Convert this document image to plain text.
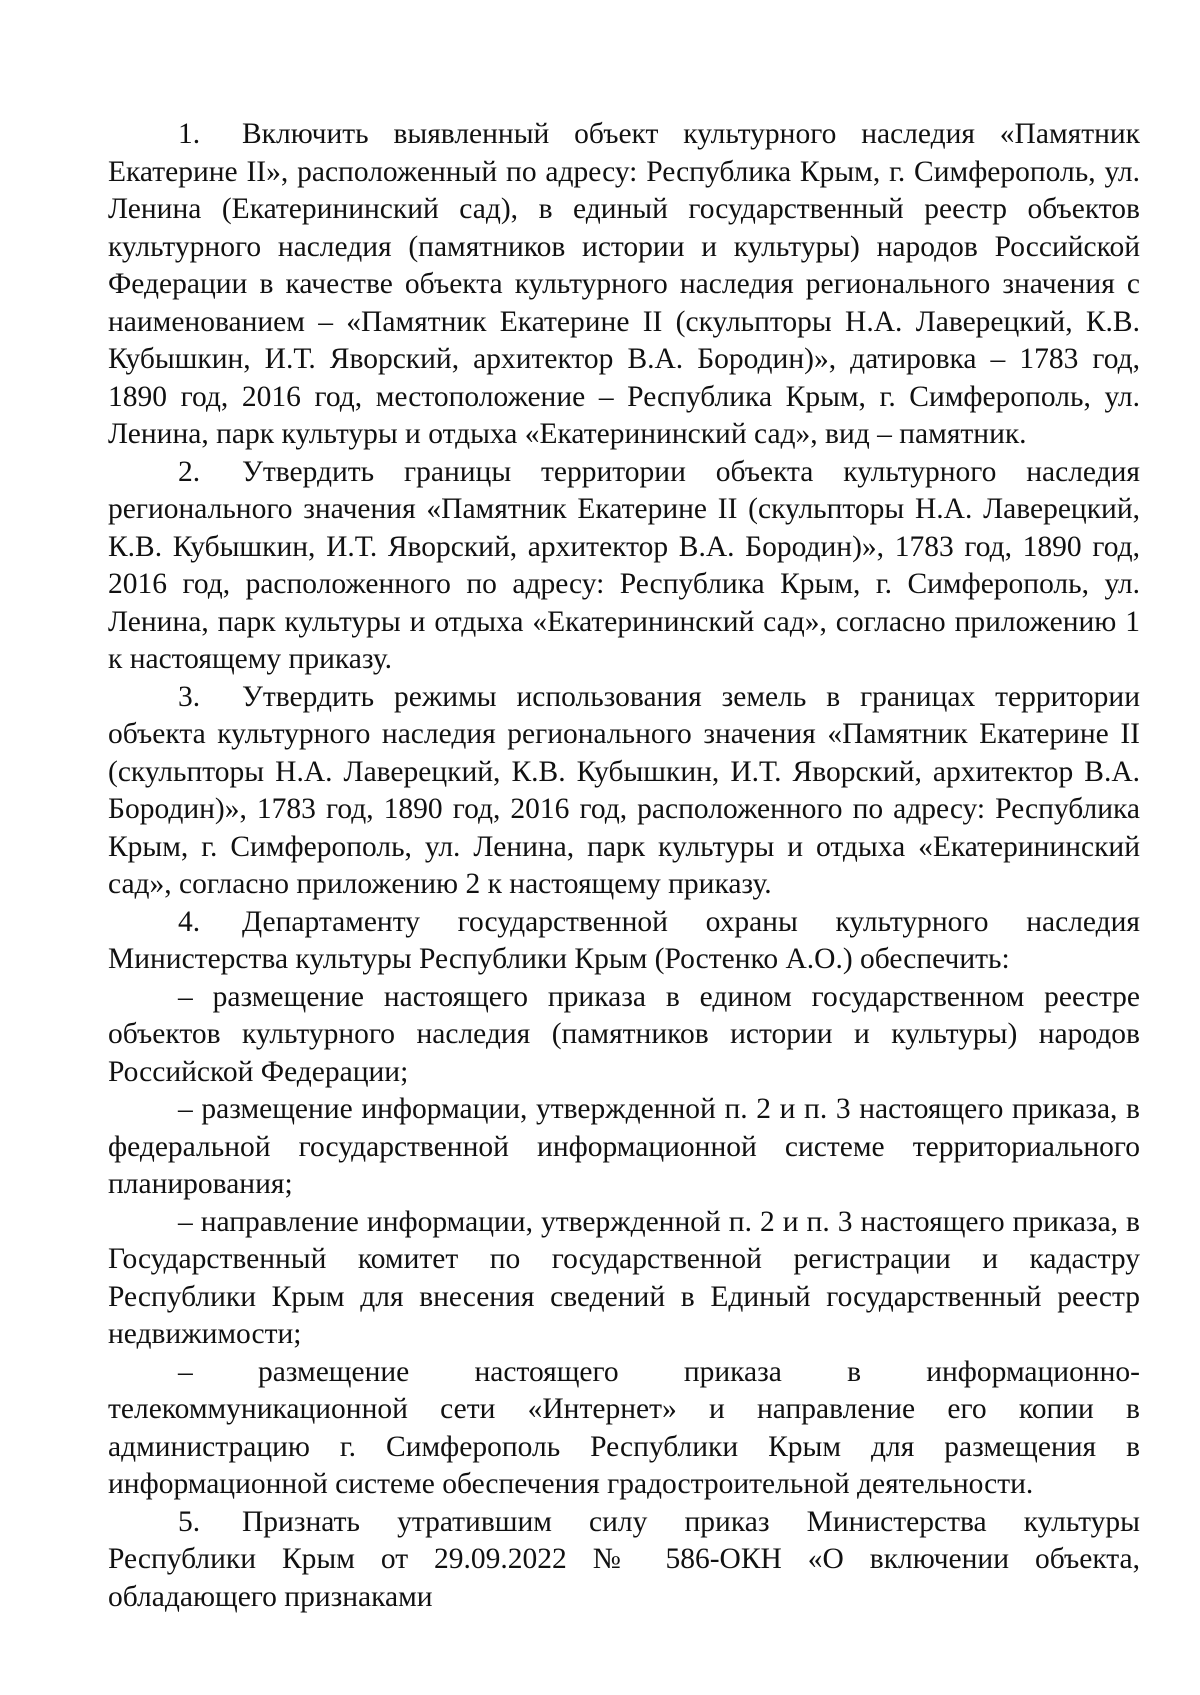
1. Включить выявленный объект культурного наследия «Памятник Екатерине II», расположенный по адресу: Республика Крым, г. Симферополь, ул. Ленина (Екатерининский сад), в единый государственный реестр объектов культурного наследия (памятников истории и культуры) народов Российской Федерации в качестве объекта культурного наследия регионального значения с наименованием – «Памятник Екатерине II (скульпторы Н.А. Лаверецкий, К.В. Кубышкин, И.Т. Яворский, архитектор В.А. Бородин)», датировка – 1783 год, 1890 год, 2016 год, местоположение – Республика Крым, г. Симферополь, ул. Ленина, парк культуры и отдыха «Екатерининский сад», вид – памятник.

2. Утвердить границы территории объекта культурного наследия регионального значения «Памятник Екатерине II (скульпторы Н.А. Лаверецкий, К.В. Кубышкин, И.Т. Яворский, архитектор В.А. Бородин)», 1783 год, 1890 год, 2016 год, расположенного по адресу: Республика Крым, г. Симферополь, ул. Ленина, парк культуры и отдыха «Екатерининский сад», согласно приложению 1 к настоящему приказу.

3. Утвердить режимы использования земель в границах территории объекта культурного наследия регионального значения «Памятник Екатерине II (скульпторы Н.А. Лаверецкий, К.В. Кубышкин, И.Т. Яворский, архитектор В.А. Бородин)», 1783 год, 1890 год, 2016 год, расположенного по адресу: Республика Крым, г. Симферополь, ул. Ленина, парк культуры и отдыха «Екатерининский сад», согласно приложению 2 к настоящему приказу.

4. Департаменту государственной охраны культурного наследия Министерства культуры Республики Крым (Ростенко А.О.) обеспечить:

– размещение настоящего приказа в едином государственном реестре объектов культурного наследия (памятников истории и культуры) народов Российской Федерации;

– размещение информации, утвержденной п. 2 и п. 3 настоящего приказа, в федеральной государственной информационной системе территориального планирования;

– направление информации, утвержденной п. 2 и п. 3 настоящего приказа, в Государственный комитет по государственной регистрации и кадастру Республики Крым для внесения сведений в Единый государственный реестр недвижимости;

– размещение настоящего приказа в информационно-телекоммуникационной сети «Интернет» и направление его копии в администрацию г. Симферополь Республики Крым для размещения в информационной системе обеспечения градостроительной деятельности.

5. Признать утратившим силу приказ Министерства культуры Республики Крым от 29.09.2022 № 586-ОКН «О включении объекта, обладающего признаками
